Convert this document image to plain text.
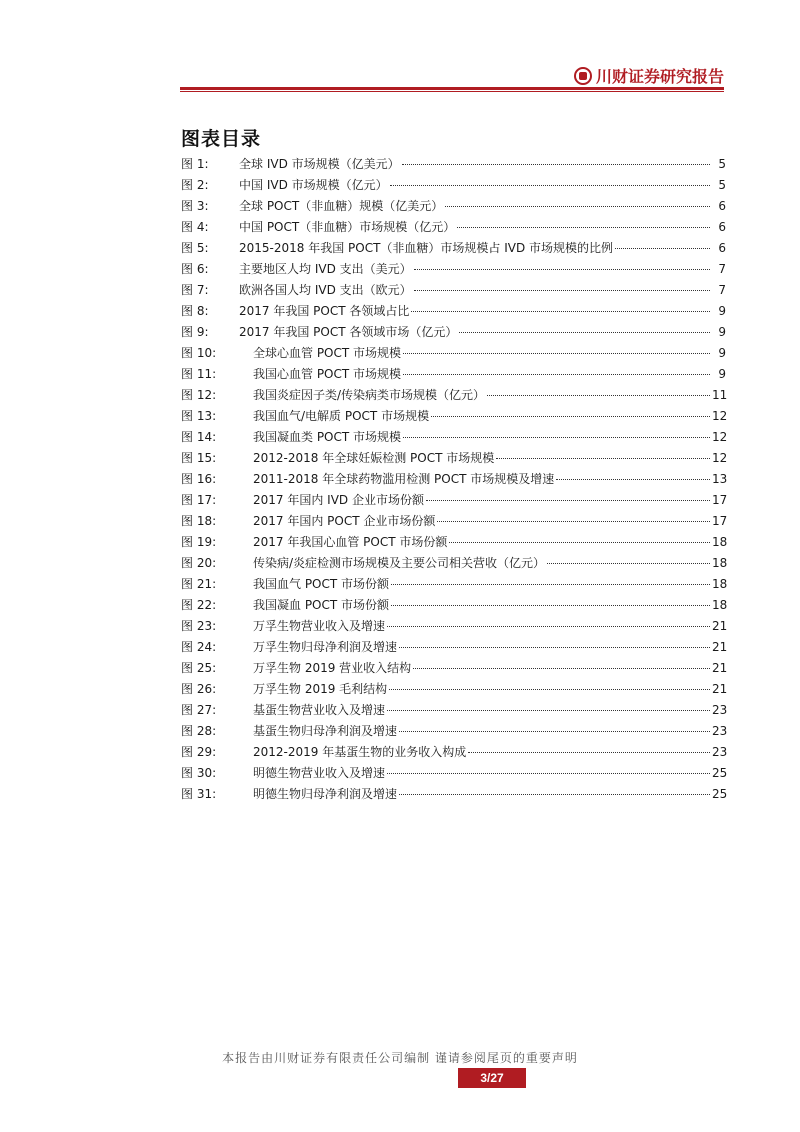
川财证券研究报告
图表目录
图 1:	全球 IVD 市场规模（亿美元）	5
图 2:	中国 IVD 市场规模（亿元）	5
图 3:	全球 POCT（非血糖）规模（亿美元）	6
图 4:	中国 POCT（非血糖）市场规模（亿元）	6
图 5:	2015-2018 年我国 POCT（非血糖）市场规模占 IVD 市场规模的比例	6
图 6:	主要地区人均 IVD 支出（美元）	7
图 7:	欧洲各国人均 IVD 支出（欧元）	7
图 8:	2017 年我国 POCT 各领域占比	9
图 9:	2017 年我国 POCT 各领域市场（亿元）	9
图 10:	全球心血管 POCT 市场规模	9
图 11:	我国心血管 POCT 市场规模	9
图 12:	我国炎症因子类/传染病类市场规模（亿元）	11
图 13:	我国血气/电解质 POCT 市场规模	12
图 14:	我国凝血类 POCT 市场规模	12
图 15:	2012-2018 年全球妊娠检测 POCT 市场规模	12
图 16:	2011-2018 年全球药物滥用检测 POCT 市场规模及增速	13
图 17:	2017 年国内 IVD 企业市场份额	17
图 18:	2017 年国内 POCT 企业市场份额	17
图 19:	2017 年我国心血管 POCT 市场份额	18
图 20:	传染病/炎症检测市场规模及主要公司相关营收（亿元）	18
图 21:	我国血气 POCT 市场份额	18
图 22:	我国凝血 POCT 市场份额	18
图 23:	万孚生物营业收入及增速	21
图 24:	万孚生物归母净利润及增速	21
图 25:	万孚生物 2019 营业收入结构	21
图 26:	万孚生物 2019 毛利结构	21
图 27:	基蛋生物营业收入及增速	23
图 28:	基蛋生物归母净利润及增速	23
图 29:	2012-2019 年基蛋生物的业务收入构成	23
图 30:	明德生物营业收入及增速	25
图 31:	明德生物归母净利润及增速	25
本报告由川财证券有限责任公司编制 谨请参阅尾页的重要声明
3/27
